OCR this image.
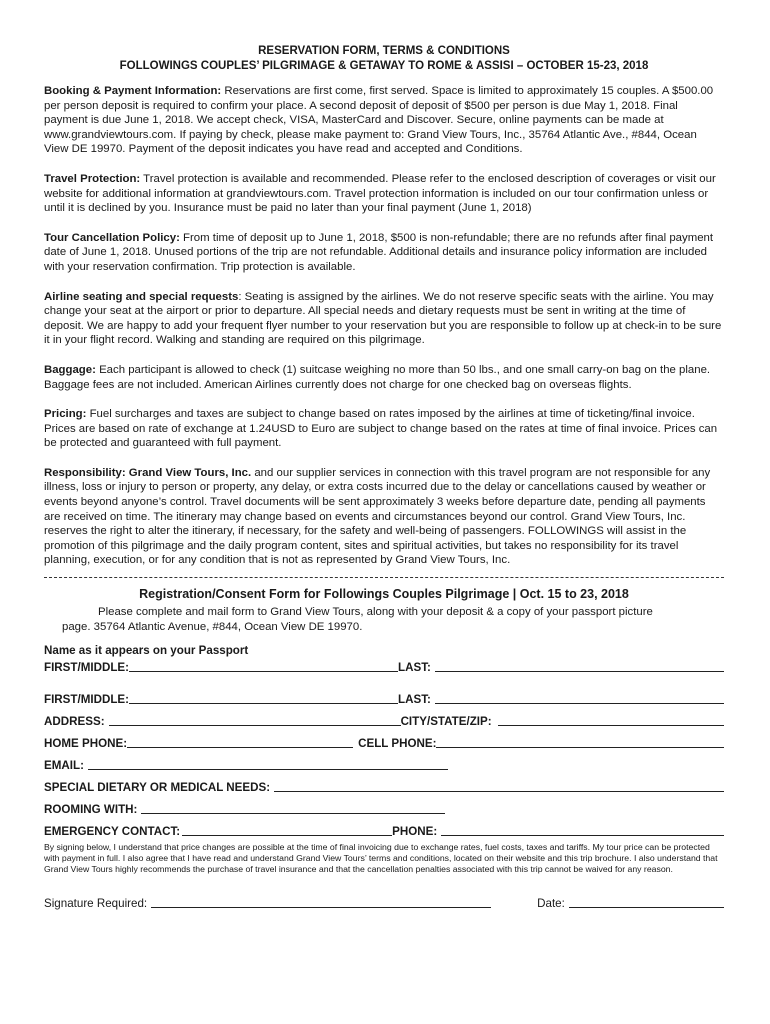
RESERVATION FORM, TERMS & CONDITIONS
FOLLOWINGS COUPLES’ PILGRIMAGE & GETAWAY TO ROME & ASSISI – OCTOBER 15-23, 2018

Booking & Payment Information: Reservations are first come, first served. Space is limited to approximately 15 couples. A $500.00 per person deposit is required to confirm your place. A second deposit of deposit of $500 per person is due May 1, 2018. Final payment is due June 1, 2018. We accept check, VISA, MasterCard and Discover. Secure, online payments can be made at www.grandviewtours.com. If paying by check, please make payment to: Grand View Tours, Inc., 35764 Atlantic Ave., #844, Ocean View DE 19970. Payment of the deposit indicates you have read and accepted and Conditions.

Travel Protection: Travel protection is available and recommended. Please refer to the enclosed description of coverages or visit our website for additional information at grandviewtours.com. Travel protection information is included on our tour confirmation unless or until it is declined by you. Insurance must be paid no later than your final payment (June 1, 2018)

Tour Cancellation Policy: From time of deposit up to June 1, 2018, $500 is non-refundable; there are no refunds after final payment date of June 1, 2018. Unused portions of the trip are not refundable. Additional details and insurance policy information are included with your reservation confirmation. Trip protection is available.

Airline seating and special requests: Seating is assigned by the airlines. We do not reserve specific seats with the airline. You may change your seat at the airport or prior to departure. All special needs and dietary requests must be sent in writing at the time of deposit. We are happy to add your frequent flyer number to your reservation but you are responsible to follow up at check-in to be sure it in your flight record. Walking and standing are required on this pilgrimage.

Baggage: Each participant is allowed to check (1) suitcase weighing no more than 50 lbs., and one small carry-on bag on the plane. Baggage fees are not included. American Airlines currently does not charge for one checked bag on overseas flights.

Pricing: Fuel surcharges and taxes are subject to change based on rates imposed by the airlines at time of ticketing/final invoice. Prices are based on rate of exchange at 1.24USD to Euro are subject to change based on the rates at time of final invoice. Prices can be protected and guaranteed with full payment.

Responsibility: Grand View Tours, Inc. and our supplier services in connection with this travel program are not responsible for any illness, loss or injury to person or property, any delay, or extra costs incurred due to the delay or cancellations caused by weather or events beyond anyone’s control. Travel documents will be sent approximately 3 weeks before departure date, pending all payments are received on time. The itinerary may change based on events and circumstances beyond our control. Grand View Tours, Inc. reserves the right to alter the itinerary, if necessary, for the safety and well-being of passengers. FOLLOWINGS will assist in the promotion of this pilgrimage and the daily program content, sites and spiritual activities, but takes no responsibility for its travel planning, execution, or for any condition that is not as represented by Grand View Tours, Inc.

Registration/Consent Form for Followings Couples Pilgrimage | Oct. 15 to 23, 2018
Please complete and mail form to Grand View Tours, along with your deposit & a copy of your passport picture
page. 35764 Atlantic Avenue, #844, Ocean View DE 19970.
Name as it appears on your Passport
FIRST/MIDDLE:	LAST:
FIRST/MIDDLE:	LAST:
ADDRESS:	CITY/STATE/ZIP:
HOME PHONE:	CELL PHONE:
EMAIL:
SPECIAL DIETARY OR MEDICAL NEEDS:
ROOMING WITH:
EMERGENCY CONTACT:	PHONE:
By signing below, I understand that price changes are possible at the time of final invoicing due to exchange rates, fuel costs, taxes and tariffs. My tour price can be protected with payment in full. I also agree that I have read and understand Grand View Tours’ terms and conditions, located on their website and this trip brochure. I also understand that Grand View Tours highly recommends the purchase of travel insurance and that the cancellation penalties associated with this trip cannot be waived for any reason.
Signature Required:	Date:
